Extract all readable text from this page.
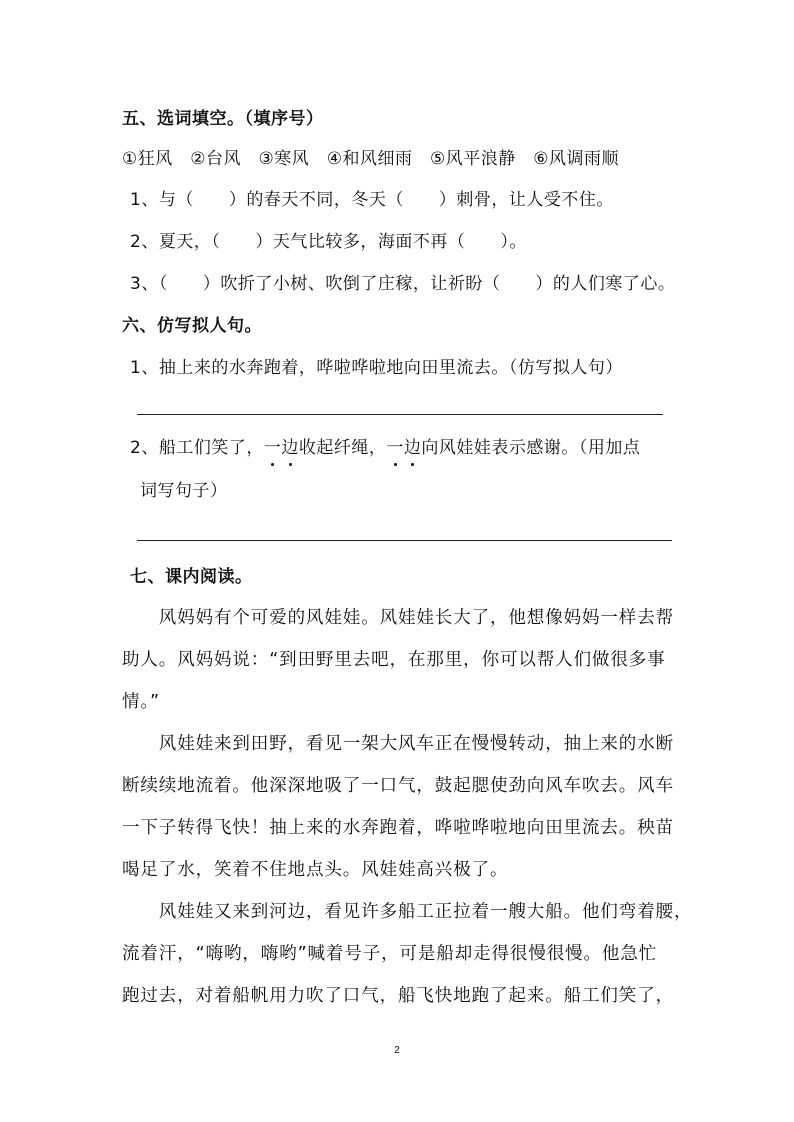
五、选词填空。（填序号）
①狂风　②台风　③寒风　④和风细雨　⑤风平浪静　⑥风调雨顺
1、与（　　）的春天不同，冬天（　　）刺骨，让人受不住。
2、夏天，（　　）天气比较多，海面不再（　　）。
3、（　　）吹折了小树、吹倒了庄稼，让祈盼（　　）的人们寒了心。
六、仿写拟人句。
1、抽上来的水奔跑着，哗啦哗啦地向田里流去。（仿写拟人句）
2、船工们笑了，一边
收起纤绳，一边
向风娃娃表示感谢。（用加点
词写句子）
七、课内阅读。
　　风妈妈有个可爱的风娃娃。风娃娃长大了，他想像妈妈一样去帮
助人。风妈妈说：“到田野里去吧，在那里，你可以帮人们做很多事
情。”
　　风娃娃来到田野，看见一架大风车正在慢慢转动，抽上来的水断
断续续地流着。他深深地吸了一口气，鼓起腮使劲向风车吹去。风车
一下子转得飞快！抽上来的水奔跑着，哗啦哗啦地向田里流去。秧苗
喝足了水，笑着不住地点头。风娃娃高兴极了。
　　风娃娃又来到河边，看见许多船工正拉着一艘大船。他们弯着腰，
流着汗，“嗨哟，嗨哟”喊着号子，可是船却走得很慢很慢。他急忙
跑过去，对着船帆用力吹了口气，船飞快地跑了起来。船工们笑了，
2
